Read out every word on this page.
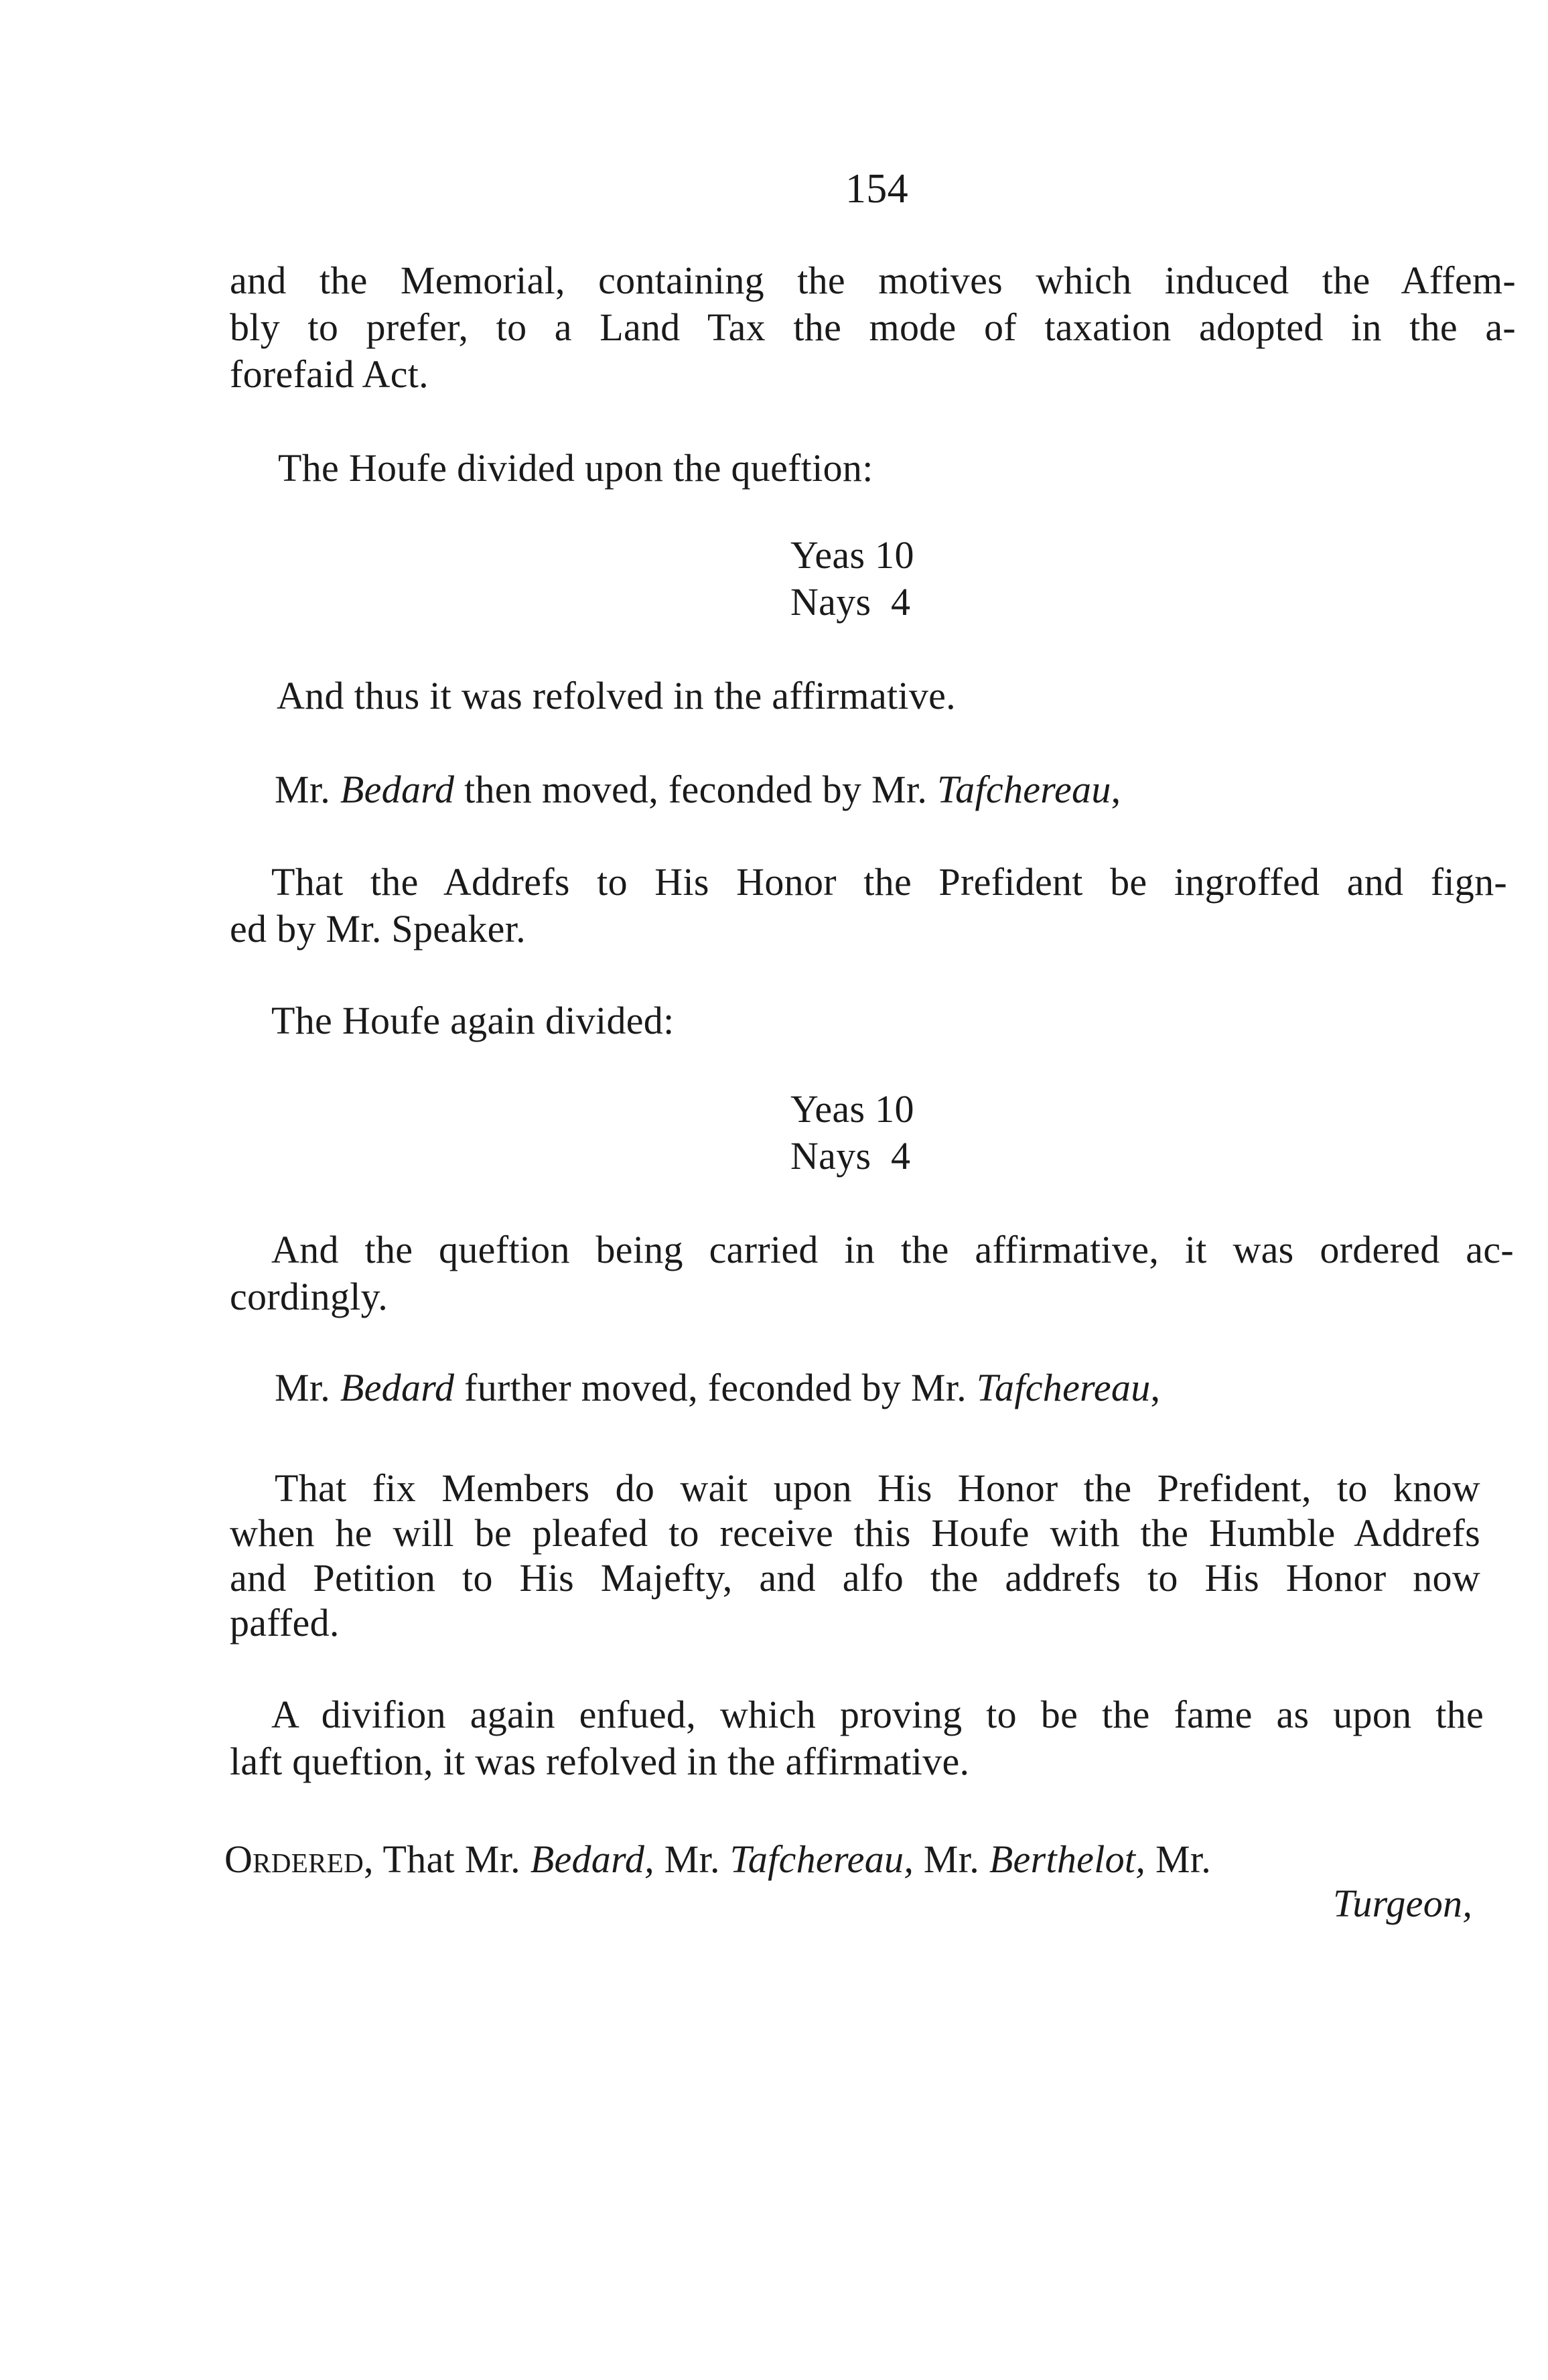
154
and the Memorial, containing the motives which induced the Affem-
bly to prefer, to a Land Tax the mode of taxation adopted in the a-
forefaid Act.
The Houfe divided upon the queftion:
Yeas 10
Nays  4
And thus it was refolved in the affirmative.
Mr. Bedard then moved, feconded by Mr. Tafchereau,
That the Addrefs to His Honor the Prefident be ingroffed and fign-
ed by Mr. Speaker.
The Houfe again divided:
Yeas 10
Nays  4
And the queftion being carried in the affirmative, it was ordered ac-
cordingly.
Mr. Bedard further moved, feconded by Mr. Tafchereau,
That fix Members do wait upon His Honor the Prefident, to know
when he will be pleafed to receive this Houfe with the Humble Addrefs
and Petition to His Majefty, and alfo the addrefs to His Honor now
paffed.
A divifion again enfued, which proving to be the fame as upon the
laft queftion, it was refolved in the affirmative.
Ordered, That Mr. Bedard, Mr. Tafchereau, Mr. Berthelot, Mr.
Turgeon,
